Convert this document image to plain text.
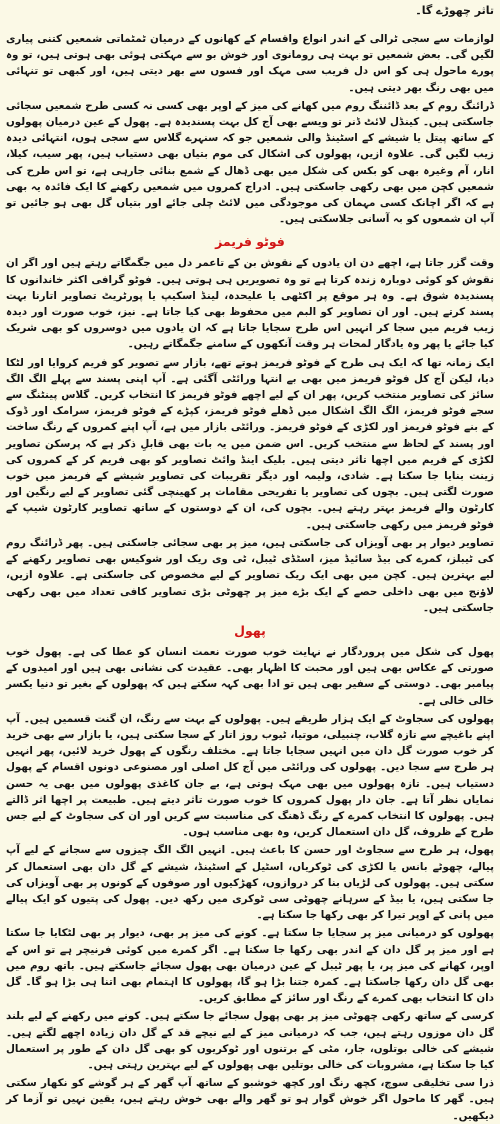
تاثر چھوڑے گا۔

لوازمات سے سجی ٹرالی کے اندر انواع واقسام کے کھانوں کے درمیان ٹمٹماتی شمعیں کتنی پیاری لگیں گی۔ بعض شمعیں تو بہت ہی رومانوی اور خوش بو سے مہکتی ہوئی بھی ہوتی ہیں، تو وہ پورے ماحول ہی کو اس دل فریب سی مہک اور فسوں سے بھر دیتی ہیں، اور کبھی تو تنہائی میں بھی رنگ بھر دیتی ہیں۔

ڈرائنگ روم کے بعد ڈائننگ روم میں کھانے کی میز کے اوپر بھی کسی نہ کسی طرح شمعیں سجائی جاسکتی ہیں۔ کینڈل لائٹ ڈنر تو ویسے بھی آج کل بہت پسندیدہ ہے۔ پھول کے عین درمیان پھولوں کے ساتھ پیتل یا شیشے کے اسٹینڈ والی شمعیں جو کہ سنہرے گلاس سے سجی ہوں، انتہائی دیدہ زیب لگیں گی۔ علاوہ ازیں، پھولوں کی اشکال کی موم بتیاں بھی دستیاب ہیں، پھر سیب، کیلا، انار، آم وغیرہ بھی کو بکس کی شکل میں بھی ڈھال کے شمع بنائی جارہی ہے، تو اس طرح کی شمعیں کچن میں بھی رکھی جاسکتی ہیں۔ ادراج کمروں میں شمعیں رکھنے کا ایک فائدہ یہ بھی ہے کہ اگر اچانک کسی مہمان کی موجودگی میں لائٹ چلی جائے اور بتیاں گل بھی ہو جائیں تو آپ ان شمعوں کو بہ آسانی جلاسکتی ہیں۔

فوٹو فریمز

وقت گزر جاتا ہے، اچھے دن ان یادوں کے نقوش بن کے تاعمر دل میں جگمگاتے رہتے ہیں اور اگر ان نقوش کو کوئی دوبارہ زندہ کرتا ہے تو وہ تصویریں ہی ہوتی ہیں۔ فوٹو گرافی اکثر خاندانوں کا پسندیدہ شوق ہے۔ وہ ہر موقع پر اکٹھی یا علیحدہ، لینڈ اسکیپ یا پورٹریٹ تصاویر اتارنا بہت پسند کرتے ہیں۔ اور ان تصاویر کو البم میں محفوظ بھی کیا جاتا ہے۔ نیز، خوب صورت اور دیدہ زیب فریم میں سجا کر انہیں اس طرح سجایا جاتا ہے کہ ان یادوں میں دوسروں کو بھی شریک کیا جائے یا پھر وہ یادگار لمحات ہر وقت آنکھوں کے سامنے جگمگاتے رہیں۔

ایک زمانہ تھا کہ ایک ہی طرح کے فوٹو فریمز ہوتے تھے، بازار سے تصویر کو فریم کروایا اور لٹکا دیا، لیکن آج کل فوٹو فریمز میں بھی بے انتہا ورائٹی آگئی ہے۔ آپ اپنی پسند سے پہلے الگ الگ سائز کی تصاویر منتخب کریں، پھر ان کے لیے اچھے فوٹو فریمز کا انتخاب کریں۔ گلاس پینٹنگ سے سجے فوٹو فریمز، الگ الگ اشکال میں ڈھلے فوٹو فریمز، کپڑے کے فوٹو فریمز، سرامک اور ڈوک کے بنے فوٹو فریمز اور لکڑی کے فوٹو فریمز۔ ورائٹی بازار میں ہے، آپ اپنے کمروں کے رنگ ساخت اور پسند کے لحاظ سے منتخب کریں۔ اس ضمن میں یہ بات بھی قابلِ ذکر ہے کہ پرسکن تصاویر لکڑی کے فریم میں اچھا تاثر دیتی ہیں۔ بلیک اینڈ وائٹ تصاویر کو بھی فریم کر کے کمروں کی زینت بنایا جا سکتا ہے۔ شادی، ولیمہ اور دیگر تقریبات کی تصاویر شیشے کے فریمز میں خوب صورت لگتی ہیں۔ بچوں کی تصاویر یا تفریحی مقامات پر کھینچی گئی تصاویر کے لیے رنگین اور کارٹون والے فریمز بہتر رہتے ہیں۔ بچوں کی، ان کے دوستوں کے ساتھ تصاویر کارٹون شیپ کے فوٹو فریمز میں رکھی جاسکتی ہیں۔

تصاویر دیوار پر بھی آویزاں کی جاسکتی ہیں، میز پر بھی سجائی جاسکتی ہیں۔ پھر ڈرائنگ روم کی ٹیبلز، کمرے کی بیڈ سائیڈ میز، اسٹڈی ٹیبل، ٹی وی ریک اور شوکیس بھی تصاویر رکھنے کے لیے بہترین ہیں۔ کچن میں بھی ایک ریک تصاویر کے لیے مخصوص کی جاسکتی ہے۔ علاوہ ازیں، لاؤنج میں بھی داخلی حصے کے ایک بڑے میز پر چھوٹی بڑی تصاویر کافی تعداد میں بھی رکھی جاسکتی ہیں۔

پھول

پھول کی شکل میں پروردگار نے نہایت خوب صورت نعمت انسان کو عطا کی ہے۔ پھول خوب صورتی کے عکاس بھی ہیں اور محبت کا اظہار بھی۔ عقیدت کی نشانی بھی ہیں اور امیدوں کے پیامبر بھی۔ دوستی کے سفیر بھی ہیں تو ادا بھی کہہ سکتے ہیں کہ پھولوں کے بغیر تو دنیا یکسر خالی خالی ہے۔

پھولوں کی سجاوٹ کے ایک ہزار طریقے ہیں۔ پھولوں کے بہت سے رنگ، ان گنت قسمیں ہیں۔ آپ اپنے باغیچے سے تازہ گلاب، چنبیلی، موتیا، ٹیوب روز اتار کے سجا سکتی ہیں، یا بازار سے بھی خرید کر خوب صورت گل دان میں انہیں سجایا جاتا ہے۔ مختلف رنگوں کے پھول خرید لائیں، پھر انہیں ہر طرح سے سجا دیں۔ پھولوں کی ورائٹی میں آج کل اصلی اور مصنوعی دونوں اقسام کے پھول دستیاب ہیں۔ تازہ پھولوں میں بھی مہک ہوتی ہے، بے جان کاغذی پھولوں میں بھی یہ حسن نمایاں نظر آتا ہے۔ جان دار پھول کمروں کا خوب صورت تاثر دیتے ہیں۔ طبیعت پر اچھا اثر ڈالتے ہیں۔ پھولوں کا انتخاب کمرے کے رنگ ڈھنگ کی مناسبت سے کریں اور ان کی سجاوٹ کے لیے جس طرح کے ظروف، گل دان استعمال کریں، وہ بھی مناسب ہوں۔

پھول، ہر طرح سے سجاوٹ اور حسن کا باعث ہیں۔ انہیں الگ الگ چیزوں سے سجانے کے لیے آپ پیالے، چھوٹے بانس یا لکڑی کی ٹوکریاں، اسٹیل کے اسٹینڈ، شیشے کے گل دان بھی استعمال کر سکتی ہیں۔ پھولوں کی لڑیاں بنا کر دروازوں، کھڑکیوں اور صوفوں کے کونوں پر بھی آویزاں کی جا سکتی ہیں، یا بیڈ کے سرہانے چھوٹی سی ٹوکری میں رکھ دیں۔ پھول کی پتیوں کو ایک پیالے میں پانی کے اوپر تیرا کر بھی رکھا جا سکتا ہے۔

پھولوں کو درمیانی میز پر سجایا جا سکتا ہے۔ کونے کی میز پر بھی، دیوار پر بھی لٹکایا جا سکتا ہے اور میز پر گل دان کے اندر بھی رکھا جا سکتا ہے۔ اگر کمرے میں کوئی فرنیچر ہے تو اس کے اوپر، کھانے کی میز پر، یا پھر ٹیبل کے عین درمیان بھی پھول سجائے جاسکتے ہیں۔ باتھ روم میں بھی گل دان رکھا جاسکتا ہے۔ کمرہ جتنا بڑا ہو گا، پھولوں کا اہتمام بھی اتنا ہی بڑا ہو گا۔ گل دان کا انتخاب بھی کمرے کے رنگ اور سائز کے مطابق کریں۔

کرسی کے ساتھ رکھی چھوٹی میز پر بھی پھول سجائے جا سکتے ہیں۔ کونے میں رکھنے کے لیے بلند گل دان موزوں رہتے ہیں، جب کہ درمیانی میز کے لیے نیچے قد کے گل دان زیادہ اچھے لگتے ہیں۔ شیشے کی خالی بوتلوں، جار، مٹی کے برتنوں اور ٹوکریوں کو بھی گل دان کے طور پر استعمال کیا جا سکتا ہے، مشروبات کی خالی بوتلیں بھی پھولوں کے لیے بہترین رہتی ہیں۔

ذرا سی تخلیقی سوچ، کچھ رنگ اور کچھ خوشبو کے ساتھ آپ گھر کے ہر گوشے کو نکھار سکتی ہیں۔ گھر کا ماحول اگر خوش گوار ہو تو گھر والے بھی خوش رہتے ہیں، یقین نہیں تو آزما کر دیکھیں۔
